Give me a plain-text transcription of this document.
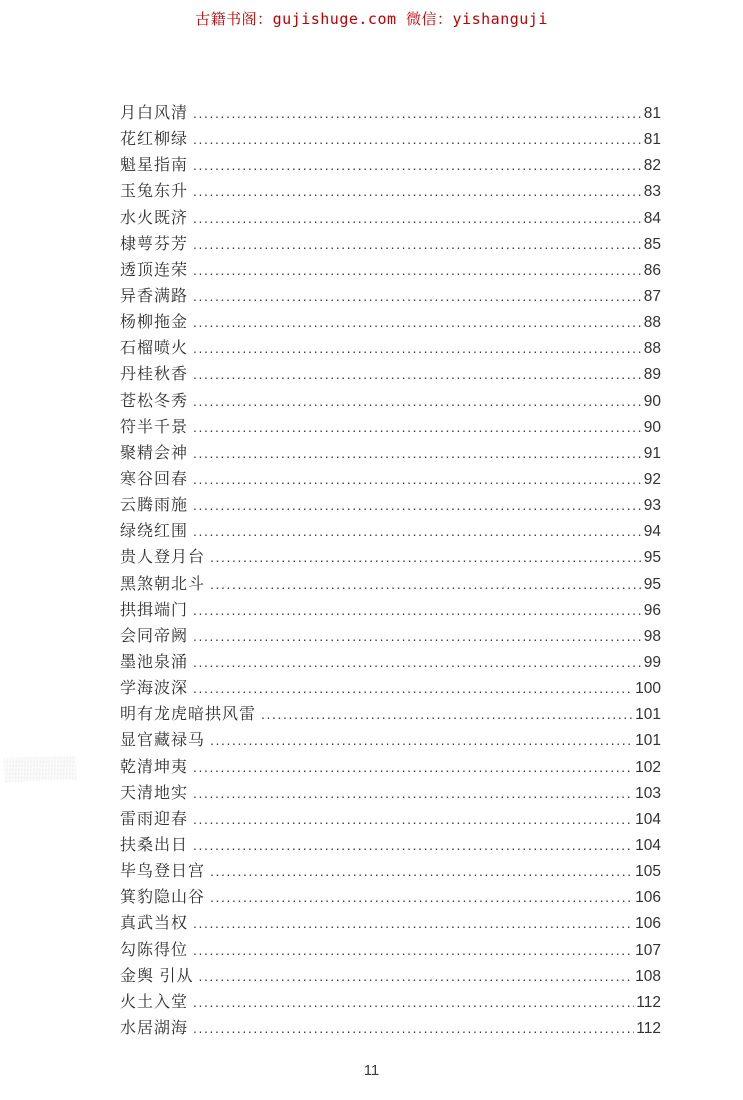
古籍书阁：gujishuge.com 微信：yishanguji
月白风清 .....	81
花红柳绿 .....	81
魁星指南 .....	82
玉兔东升 .....	83
水火既济 .....	84
棣萼芬芳 .....	85
透顶连荣 .....	86
异香满路 .....	87
杨柳拖金 .....	88
石榴喷火 .....	88
丹桂秋香 .....	89
苍松冬秀 .....	90
符半千景 .....	90
聚精会神 .....	91
寒谷回春 .....	92
云腾雨施 .....	93
绿绕红围 .....	94
贵人登月台 .....	95
黑煞朝北斗 .....	95
拱揖端门 .....	96
会同帝阙 .....	98
墨池泉涌 .....	99
学海波深 .....	100
明有龙虎暗拱风雷 .....	101
显官藏禄马 .....	101
乾清坤夷 .....	102
天清地实 .....	103
雷雨迎春 .....	104
扶桑出日 .....	104
毕鸟登日宫 .....	105
箕豹隐山谷 .....	106
真武当权 .....	106
勾陈得位 .....	107
金舆 引从 .....	108
火土入堂 .....	112
水居湖海 .....	112
11
